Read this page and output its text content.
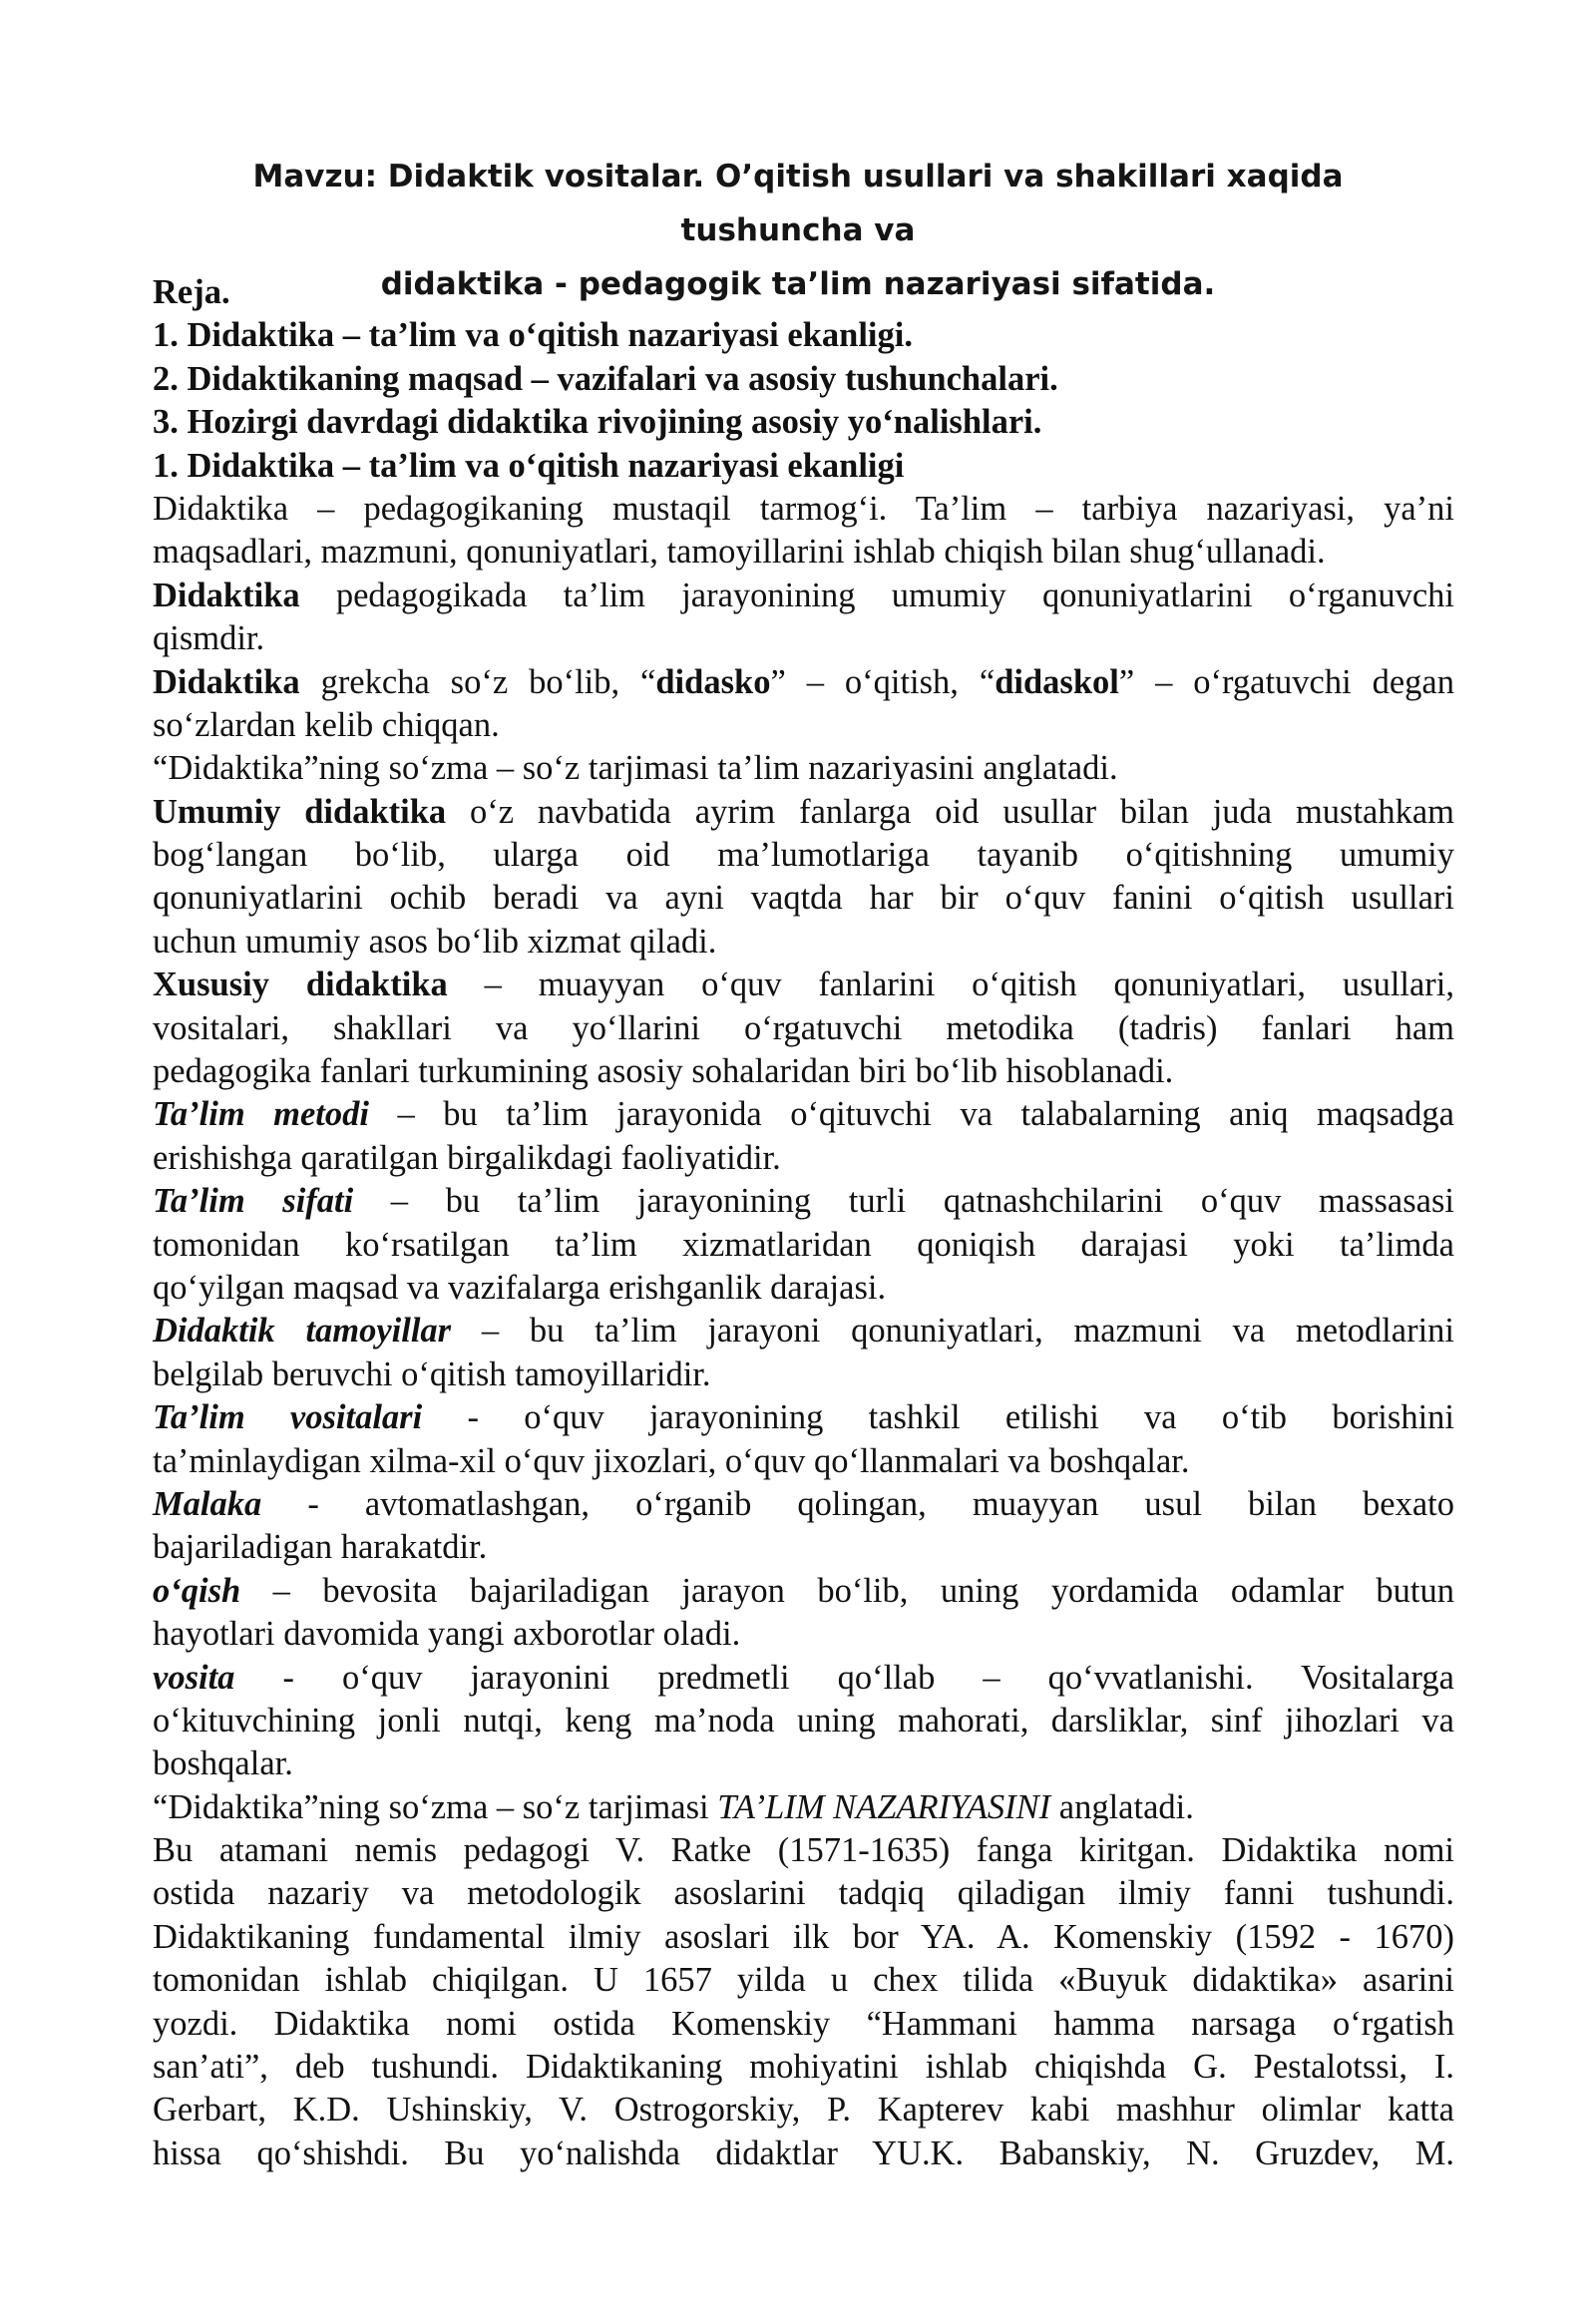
Mavzu: Didaktik vositalar. O’qitish usullari va shakillari xaqida tushuncha va
didaktika - pedagogik ta’lim nazariyasi sifatida.
Reja.
1. Didaktika – ta’lim va o‘qitish nazariyasi ekanligi.
2. Didaktikaning maqsad – vazifalari va asosiy tushunchalari.
3. Hozirgi davrdagi didaktika rivojining asosiy yo‘nalishlari.
1. Didaktika – ta’lim va o‘qitish nazariyasi ekanligi
Didaktika – pedagogikaning mustaqil tarmog‘i. Ta’lim – tarbiya nazariyasi, ya’ni
maqsadlari, mazmuni, qonuniyatlari, tamoyillarini ishlab chiqish bilan shug‘ullanadi.
Didaktika pedagogikada ta’lim jarayonining umumiy qonuniyatlarini o‘rganuvchi
qismdir.
Didaktika grekcha so‘z bo‘lib, “didasko” – o‘qitish, “didaskol” – o‘rgatuvchi degan
so‘zlardan kelib chiqqan.
“Didaktika”ning so‘zma – so‘z tarjimasi ta’lim nazariyasini anglatadi.
Umumiy didaktika o‘z navbatida ayrim fanlarga oid usullar bilan juda mustahkam
bog‘langan bo‘lib, ularga oid ma’lumotlariga tayanib o‘qitishning umumiy
qonuniyatlarini ochib beradi va ayni vaqtda har bir o‘quv fanini o‘qitish usullari
uchun umumiy asos bo‘lib xizmat qiladi.
Xususiy didaktika – muayyan o‘quv fanlarini o‘qitish qonuniyatlari, usullari,
vositalari, shakllari va yo‘llarini o‘rgatuvchi metodika (tadris) fanlari ham
pedagogika fanlari turkumining asosiy sohalaridan biri bo‘lib hisoblanadi.
Ta’lim metodi – bu ta’lim jarayonida o‘qituvchi va talabalarning aniq maqsadga
erishishga qaratilgan birgalikdagi faoliyatidir.
Ta’lim sifati – bu ta’lim jarayonining turli qatnashchilarini o‘quv massasasi
tomonidan ko‘rsatilgan ta’lim xizmatlaridan qoniqish darajasi yoki ta’limda
qo‘yilgan maqsad va vazifalarga erishganlik darajasi.
Didaktik tamoyillar – bu ta’lim jarayoni qonuniyatlari, mazmuni va metodlarini
belgilab beruvchi o‘qitish tamoyillaridir.
Ta’lim vositalari - o‘quv jarayonining tashkil etilishi va o‘tib borishini
ta’minlaydigan xilma-xil o‘quv jixozlari, o‘quv qo‘llanmalari va boshqalar.
Malaka - avtomatlashgan, o‘rganib qolingan, muayyan usul bilan bexato
bajariladigan harakatdir.
o‘qish – bevosita bajariladigan jarayon bo‘lib, uning yordamida odamlar butun
hayotlari davomida yangi axborotlar oladi.
vosita - o‘quv jarayonini predmetli qo‘llab – qo‘vvatlanishi. Vositalarga
o‘kituvchining jonli nutqi, keng ma’noda uning mahorati, darsliklar, sinf jihozlari va
boshqalar.
“Didaktika”ning so‘zma – so‘z tarjimasi TA’LIM NAZARIYASINI anglatadi.
Bu atamani nemis pedagogi V. Ratke (1571-1635) fanga kiritgan. Didaktika nomi
ostida nazariy va metodologik asoslarini tadqiq qiladigan ilmiy fanni tushundi.
Didaktikaning fundamental ilmiy asoslari ilk bor YA. A. Komenskiy (1592 - 1670)
tomonidan ishlab chiqilgan. U 1657 yilda u chex tilida «Buyuk didaktika» asarini
yozdi. Didaktika nomi ostida Komenskiy “Hammani hamma narsaga o‘rgatish
san’ati”, deb tushundi. Didaktikaning mohiyatini ishlab chiqishda G. Pestalotssi, I.
Gerbart, K.D. Ushinskiy, V. Ostrogorskiy, P. Kapterev kabi mashhur olimlar katta
hissa qo‘shishdi. Bu yo‘nalishda didaktlar YU.K. Babanskiy, N. Gruzdev, M.
